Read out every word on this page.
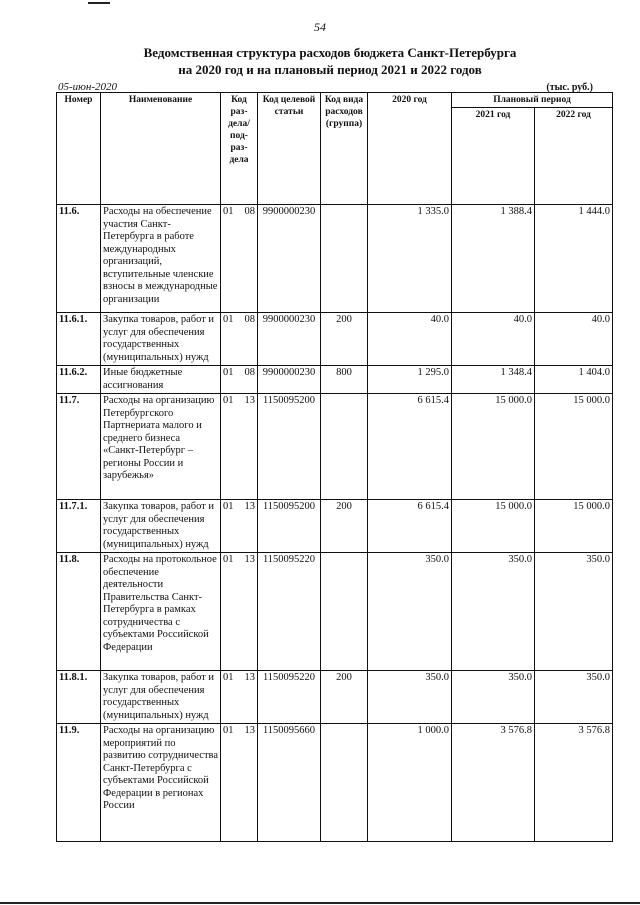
54
Ведомственная структура расходов бюджета Санкт-Петербурга
на 2020 год и на плановый период 2021 и 2022 годов
05-июн-2020	(тыс. руб.)
Номер	Наименование	Код раз-дела/ под-раз-дела	Код целевой статьи	Код вида расходов (группа)	2020 год	Плановый период	
						2021 год	2022 год
11.6.	Расходы на обеспечение участия Санкт-Петербурга в работе международных организаций, вступительные членские взносы в международные организации	01 08	9900000230		1 335.0	1 388.4	1 444.0
11.6.1.	Закупка товаров, работ и услуг для обеспечения государственных (муниципальных) нужд	01 08	9900000230	200	40.0	40.0	40.0
11.6.2.	Иные бюджетные ассигнования	01 08	9900000230	800	1 295.0	1 348.4	1 404.0
11.7.	Расходы на организацию Петербургского Партнериата малого и среднего бизнеса «Санкт-Петербург – регионы России и зарубежья»	01 13	1150095200		6 615.4	15 000.0	15 000.0
11.7.1.	Закупка товаров, работ и услуг для обеспечения государственных (муниципальных) нужд	01 13	1150095200	200	6 615.4	15 000.0	15 000.0
11.8.	Расходы на протокольное обеспечение деятельности Правительства Санкт-Петербурга в рамках сотрудничества с субъектами Российской Федерации	01 13	1150095220		350.0	350.0	350.0
11.8.1.	Закупка товаров, работ и услуг для обеспечения государственных (муниципальных) нужд	01 13	1150095220	200	350.0	350.0	350.0
11.9.	Расходы на организацию мероприятий по развитию сотрудничества Санкт-Петербурга с субъектами Российской Федерации в регионах России	01 13	1150095660		1 000.0	3 576.8	3 576.8
